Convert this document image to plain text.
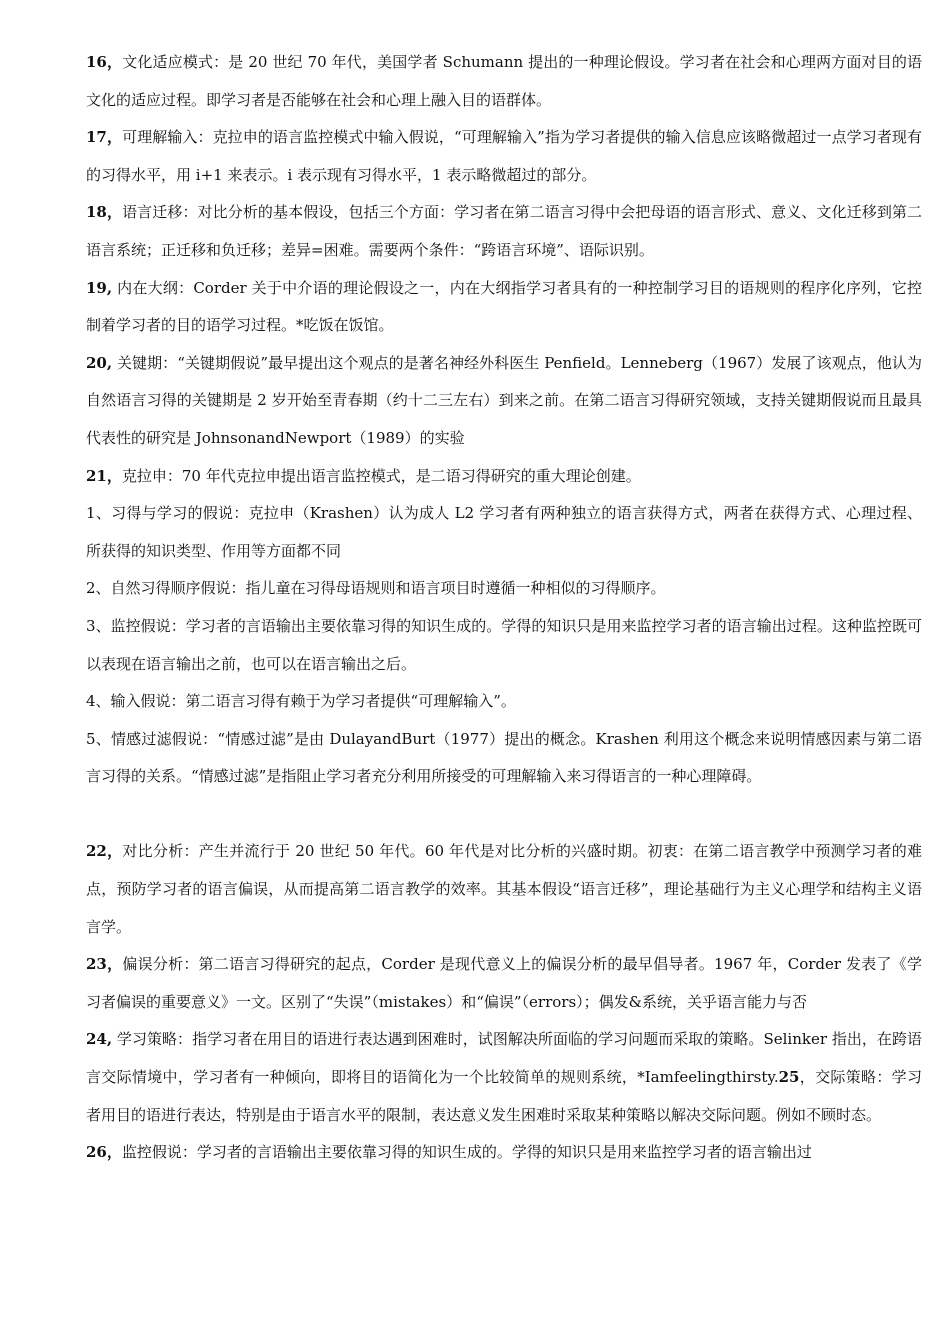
16，文化适应模式：是 20 世纪 70 年代，美国学者 Schumann 提出的一种理论假设。学习者在社会和心理两方面对目的语文化的适应过程。即学习者是否能够在社会和心理上融入目的语群体。

17，可理解输入：克拉申的语言监控模式中输入假说，“可理解输入”指为学习者提供的输入信息应该略微超过一点学习者现有的习得水平，用 i+1 来表示。i 表示现有习得水平，1 表示略微超过的部分。

18，语言迁移：对比分析的基本假设，包括三个方面：学习者在第二语言习得中会把母语的语言形式、意义、文化迁移到第二语言系统；正迁移和负迁移；差异=困难。需要两个条件：“跨语言环境”、语际识别。

19, 内在大纲：Corder 关于中介语的理论假设之一，内在大纲指学习者具有的一种控制学习目的语规则的程序化序列，它控制着学习者的目的语学习过程。*吃饭在饭馆。

20, 关键期：“关键期假说”最早提出这个观点的是著名神经外科医生 Penfield。Lenneberg（1967）发展了该观点，他认为自然语言习得的关键期是 2 岁开始至青春期（约十二三左右）到来之前。在第二语言习得研究领域，支持关键期假说而且最具代表性的研究是 JohnsonandNewport（1989）的实验

21，克拉申：70 年代克拉申提出语言监控模式，是二语习得研究的重大理论创建。

1、习得与学习的假说：克拉申（Krashen）认为成人 L2 学习者有两种独立的语言获得方式，两者在获得方式、心理过程、所获得的知识类型、作用等方面都不同

2、自然习得顺序假说：指儿童在习得母语规则和语言项目时遵循一种相似的习得顺序。

3、监控假说：学习者的言语输出主要依靠习得的知识生成的。学得的知识只是用来监控学习者的语言输出过程。这种监控既可以表现在语言输出之前，也可以在语言输出之后。

4、输入假说：第二语言习得有赖于为学习者提供“可理解输入”。

5、情感过滤假说：“情感过滤”是由 DulayandBurt（1977）提出的概念。Krashen 利用这个概念来说明情感因素与第二语言习得的关系。“情感过滤”是指阻止学习者充分利用所接受的可理解输入来习得语言的一种心理障碍。

22，对比分析：产生并流行于 20 世纪 50 年代。60 年代是对比分析的兴盛时期。初衷：在第二语言教学中预测学习者的难点，预防学习者的语言偏误，从而提高第二语言教学的效率。其基本假设“语言迁移”，理论基础行为主义心理学和结构主义语言学。

23，偏误分析：第二语言习得研究的起点，Corder 是现代意义上的偏误分析的最早倡导者。1967 年，Corder 发表了《学习者偏误的重要意义》一文。区别了“失误”（mistakes）和“偏误”（errors）；偶发&系统，关乎语言能力与否

24, 学习策略：指学习者在用目的语进行表达遇到困难时，试图解决所面临的学习问题而采取的策略。Selinker 指出，在跨语言交际情境中，学习者有一种倾向，即将目的语简化为一个比较简单的规则系统，*Iamfeelingthirsty.25，交际策略：学习者用目的语进行表达，特别是由于语言水平的限制，表达意义发生困难时采取某种策略以解决交际问题。例如不顾时态。

26，监控假说：学习者的言语输出主要依靠习得的知识生成的。学得的知识只是用来监控学习者的语言输出过
